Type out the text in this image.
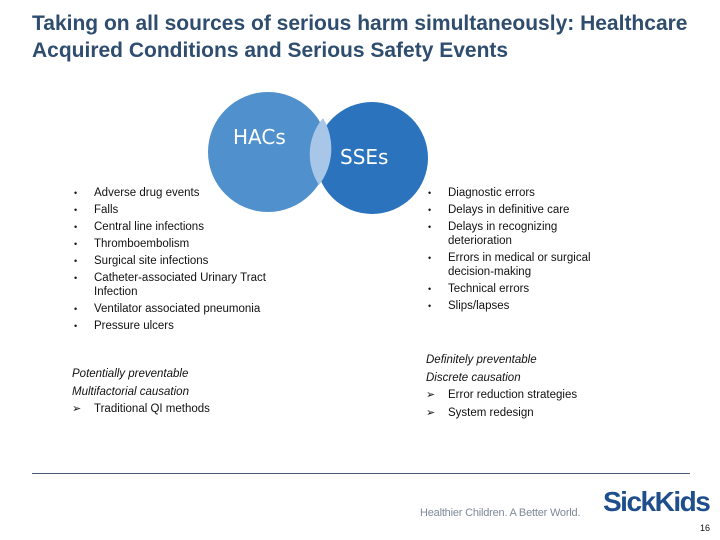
Taking on all sources of serious harm simultaneously: Healthcare Acquired Conditions and Serious Safety Events
HACs
SSEs
• Adverse drug events
• Falls
• Central line infections
• Thromboembolism
• Surgical site infections
• Catheter-associated Urinary Tract Infection
• Ventilator associated pneumonia
• Pressure ulcers
• Diagnostic errors
• Delays in definitive care
• Delays in recognizing deterioration
• Errors in medical or surgical decision-making
• Technical errors
• Slips/lapses
Potentially preventable
Multifactorial causation
➢ Traditional QI methods
Definitely preventable
Discrete causation
➢ Error reduction strategies
➢ System redesign
Healthier Children. A Better World. SickKids
16
